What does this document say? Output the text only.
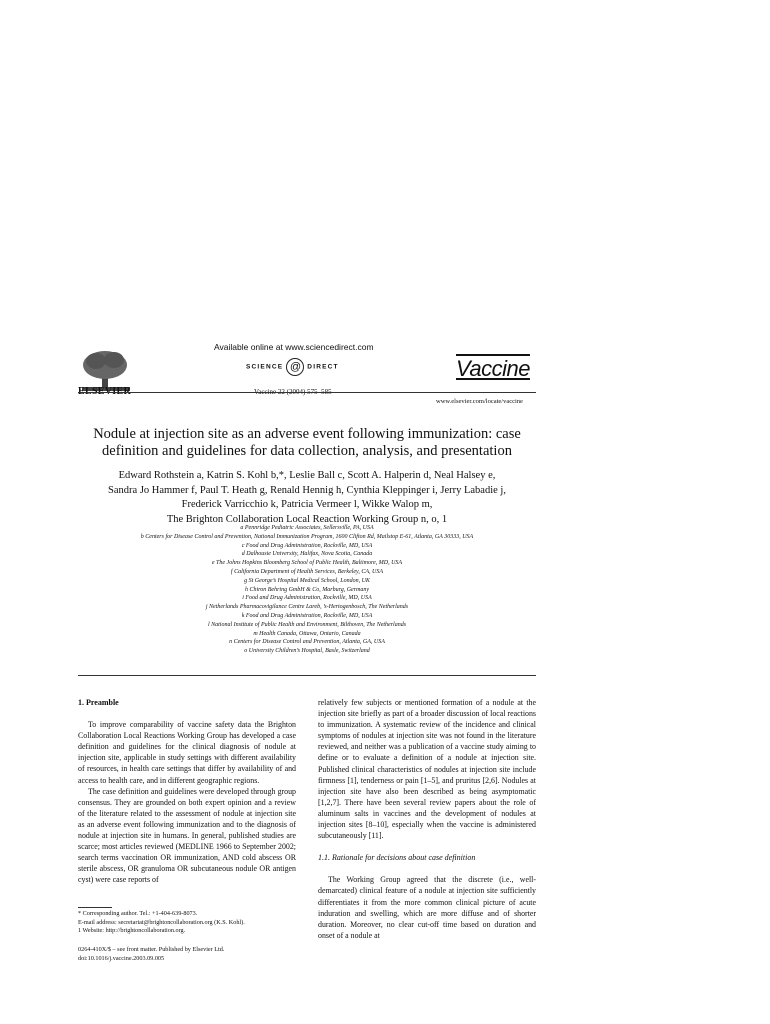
ELSEVIER
Available online at www.sciencedirect.com
SCIENCE @ DIRECT
Vaccine 22 (2004) 575–585
Vaccine
www.elsevier.com/locate/vaccine
Nodule at injection site as an adverse event following immunization: case definition and guidelines for data collection, analysis, and presentation
Edward Rothstein a, Katrin S. Kohl b,*, Leslie Ball c, Scott A. Halperin d, Neal Halsey e,
Sandra Jo Hammer f, Paul T. Heath g, Renald Hennig h, Cynthia Kleppinger i, Jerry Labadie j,
Frederick Varricchio k, Patricia Vermeer l, Wikke Walop m,
The Brighton Collaboration Local Reaction Working Group n, o, 1
a Pennridge Pediatric Associates, Sellersville, PA, USA
b Centers for Disease Control and Prevention, National Immunization Program, 1600 Clifton Rd, Mailstop E-61, Atlanta, GA 30333, USA
c Food and Drug Administration, Rockville, MD, USA
d Dalhousie University, Halifax, Nova Scotia, Canada
e The Johns Hopkins Bloomberg School of Public Health, Baltimore, MD, USA
f California Department of Health Services, Berkeley, CA, USA
g St George’s Hospital Medical School, London, UK
h Chiron Behring GmbH & Co, Marburg, Germany
i Food and Drug Administration, Rockville, MD, USA
j Netherlands Pharmacovigilance Centre Lareb, ’s-Hertogenbosch, The Netherlands
k Food and Drug Administration, Rockville, MD, USA
l National Institute of Public Health and Environment, Bilthoven, The Netherlands
m Health Canada, Ottawa, Ontario, Canada
n Centers for Disease Control and Prevention, Atlanta, GA, USA
o University Children’s Hospital, Basle, Switzerland

1. Preamble

To improve comparability of vaccine safety data the Brighton Collaboration Local Reactions Working Group has developed a case definition and guidelines for the clinical diagnosis of nodule at injection site, applicable in study settings with different availability of resources, in health care settings that differ by availability of and access to health care, and in different geographic regions.

The case definition and guidelines were developed through group consensus. They are grounded on both expert opinion and a review of the literature related to the assessment of nodule at injection site as an adverse event following immunization and to the diagnosis of nodule at injection site in humans. In general, published studies are scarce; most articles reviewed (MEDLINE 1966 to September 2002; search terms vaccination OR immunization, AND cold abscess OR sterile abscess, OR granuloma OR subcutaneous nodule OR antigen cyst) were case reports of

relatively few subjects or mentioned formation of a nodule at the injection site briefly as part of a broader discussion of local reactions to immunization. A systematic review of the incidence and clinical symptoms of nodules at injection site was not found in the literature reviewed, and neither was a publication of a vaccine study aiming to define or to evaluate a definition of a nodule at injection site. Published clinical characteristics of nodules at injection site include firmness [1], tenderness or pain [1–5], and pruritus [2,6]. Nodules at injection site have also been described as being asymptomatic [1,2,7]. There have been several review papers about the role of aluminum salts in vaccines and the development of nodules at injection sites [8–10], especially when the vaccine is administered subcutaneously [11].

1.1. Rationale for decisions about case definition

The Working Group agreed that the discrete (i.e., well-demarcated) clinical feature of a nodule at injection site sufficiently differentiates it from the more common clinical picture of acute induration and swelling, which are more diffuse and of shorter duration. Moreover, no clear cut-off time based on duration and onset of a nodule at

* Corresponding author. Tel.: +1-404-639-8073.
E-mail address: secretariat@brightoncollaboration.org (K.S. Kohl).
1 Website: http://brightoncollaboration.org.
0264-410X/$ – see front matter. Published by Elsevier Ltd.
doi:10.1016/j.vaccine.2003.09.005
